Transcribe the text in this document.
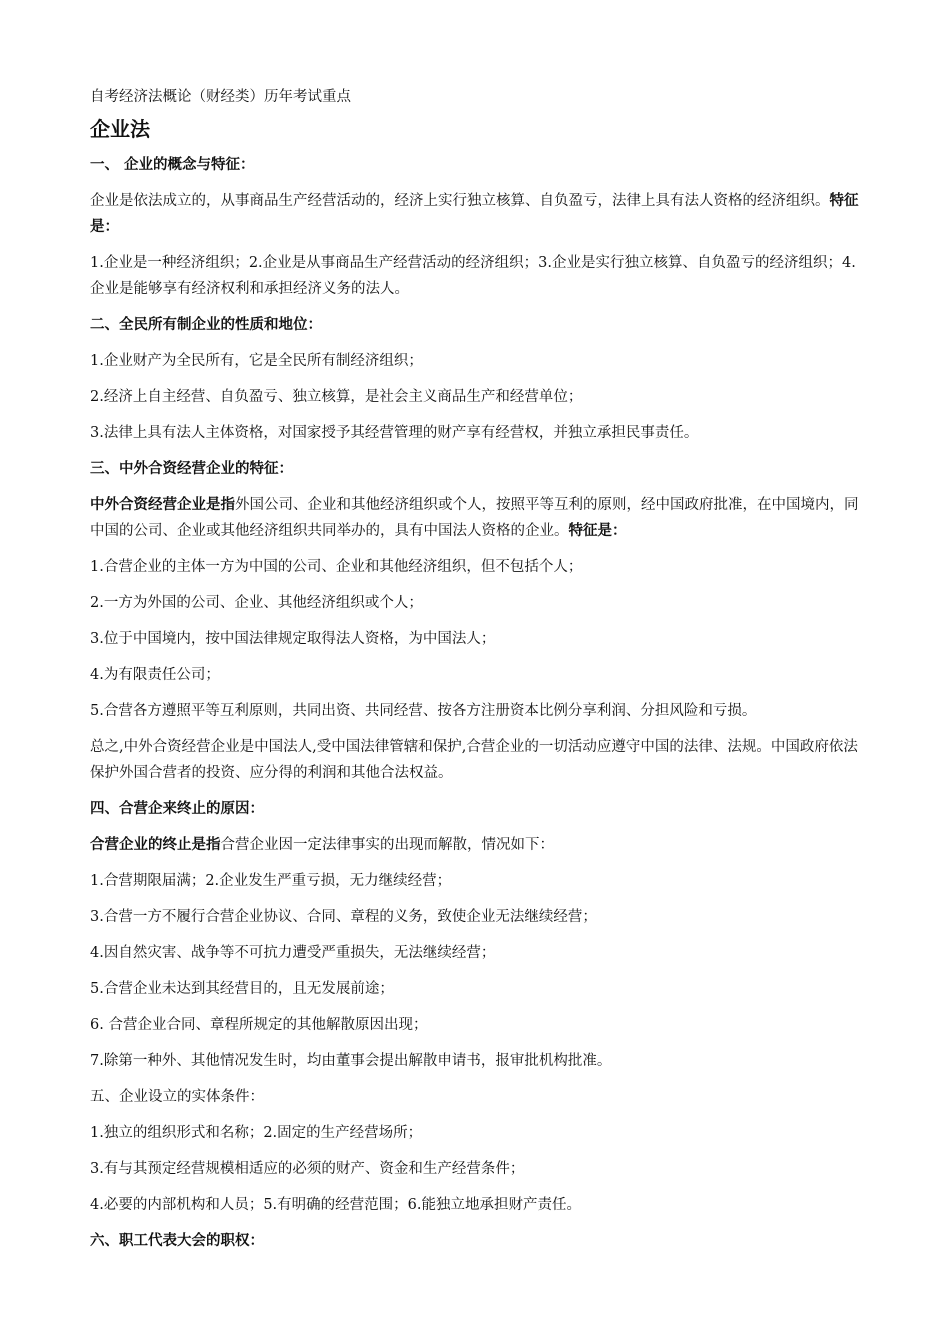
自考经济法概论（财经类）历年考试重点

企业法
一、 企业的概念与特征：

企业是依法成立的，从事商品生产经营活动的，经济上实行独立核算、自负盈亏，法律上具有法人资格的经济组织。特征是：

1.企业是一种经济组织；2.企业是从事商品生产经营活动的经济组织；3.企业是实行独立核算、自负盈亏的经济组织；4.企业是能够享有经济权利和承担经济义务的法人。

二、全民所有制企业的性质和地位：

1.企业财产为全民所有，它是全民所有制经济组织；

2.经济上自主经营、自负盈亏、独立核算，是社会主义商品生产和经营单位；

3.法律上具有法人主体资格，对国家授予其经营管理的财产享有经营权，并独立承担民事责任。

三、中外合资经营企业的特征：

中外合资经营企业是指外国公司、企业和其他经济组织或个人，按照平等互利的原则，经中国政府批准，在中国境内，同中国的公司、企业或其他经济组织共同举办的，具有中国法人资格的企业。特征是：

1.合营企业的主体一方为中国的公司、企业和其他经济组织，但不包括个人；

2.一方为外国的公司、企业、其他经济组织或个人；

3.位于中国境内，按中国法律规定取得法人资格，为中国法人；

4.为有限责任公司；

5.合营各方遵照平等互利原则，共同出资、共同经营、按各方注册资本比例分享利润、分担风险和亏损。

总之,中外合资经营企业是中国法人,受中国法律管辖和保护,合营企业的一切活动应遵守中国的法律、法规。中国政府依法保护外国合营者的投资、应分得的利润和其他合法权益。

四、合营企来终止的原因：

合营企业的终止是指合营企业因一定法律事实的出现而解散，情况如下：

1.合营期限届满；2.企业发生严重亏损，无力继续经营；

3.合营一方不履行合营企业协议、合同、章程的义务，致使企业无法继续经营；

4.因自然灾害、战争等不可抗力遭受严重损失，无法继续经营；

5.合营企业未达到其经营目的，且无发展前途；

6. 合营企业合同、章程所规定的其他解散原因出现；

7.除第一种外、其他情况发生时，均由董事会提出解散申请书，报审批机构批准。

五、企业设立的实体条件：

1.独立的组织形式和名称；2.固定的生产经营场所；

3.有与其预定经营规模相适应的必须的财产、资金和生产经营条件；

4.必要的内部机构和人员；5.有明确的经营范围；6.能独立地承担财产责任。

六、职工代表大会的职权：
